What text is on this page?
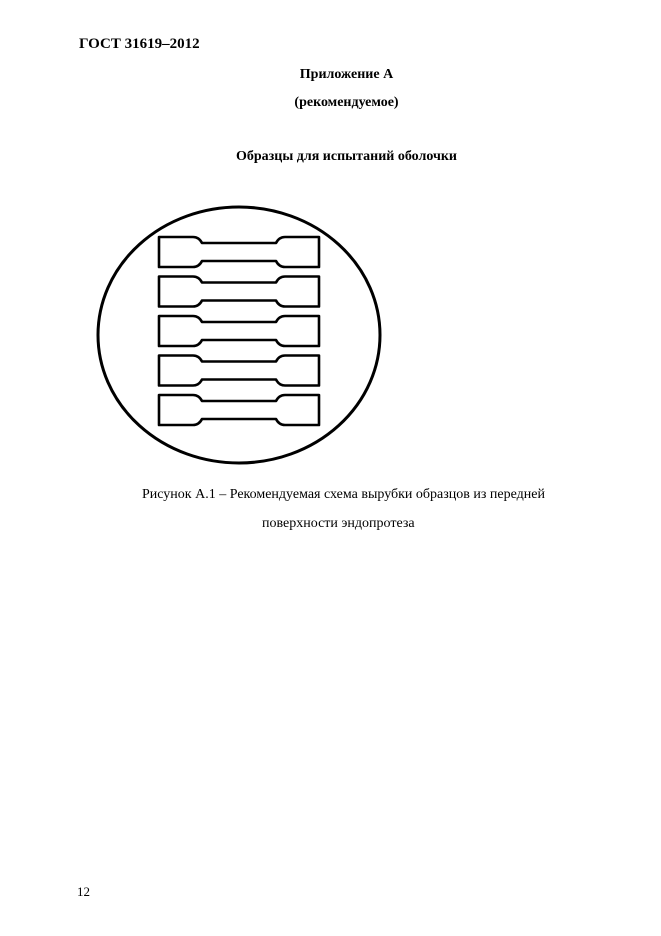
ГОСТ 31619–2012
Приложение А
(рекомендуемое)
Образцы для испытаний оболочки
Рисунок А.1 – Рекомендуемая схема вырубки образцов из передней
поверхности эндопротеза
12
